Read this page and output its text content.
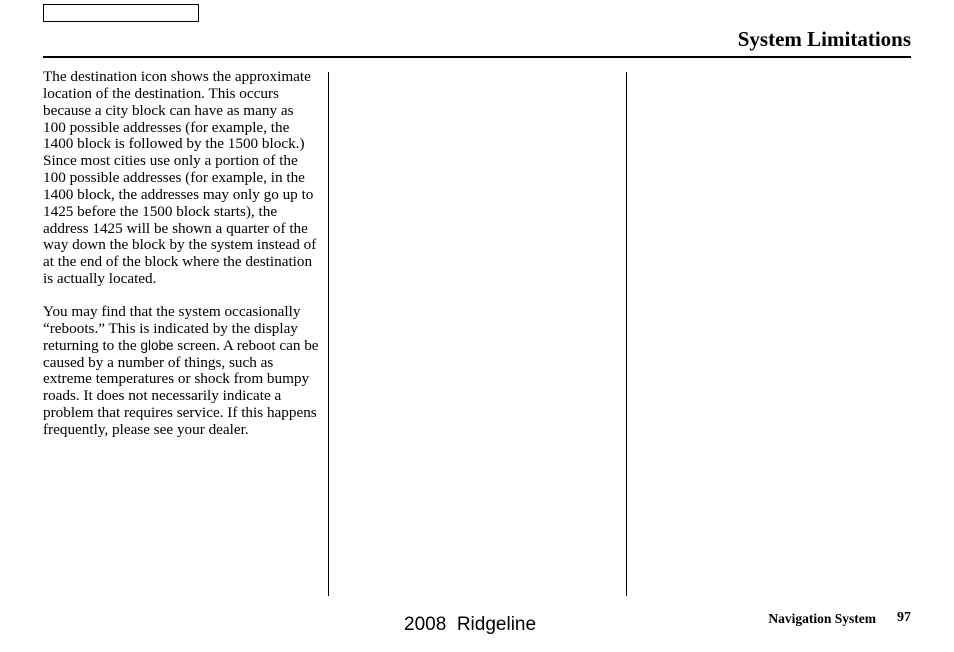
System Limitations

The destination icon shows the approximate location of the destination. This occurs because a city block can have as many as 100 possible addresses (for example, the 1400 block is followed by the 1500 block.) Since most cities use only a portion of the 100 possible addresses (for example, in the 1400 block, the addresses may only go up to 1425 before the 1500 block starts), the address 1425 will be shown a quarter of the way down the block by the system instead of at the end of the block where the destination is actually located.

You may find that the system occasionally “reboots.” This is indicated by the display returning to the globe screen. A reboot can be caused by a number of things, such as extreme temperatures or shock from bumpy roads. It does not necessarily indicate a problem that requires service. If this happens frequently, please see your dealer.

2008  Ridgeline	Navigation System 97
